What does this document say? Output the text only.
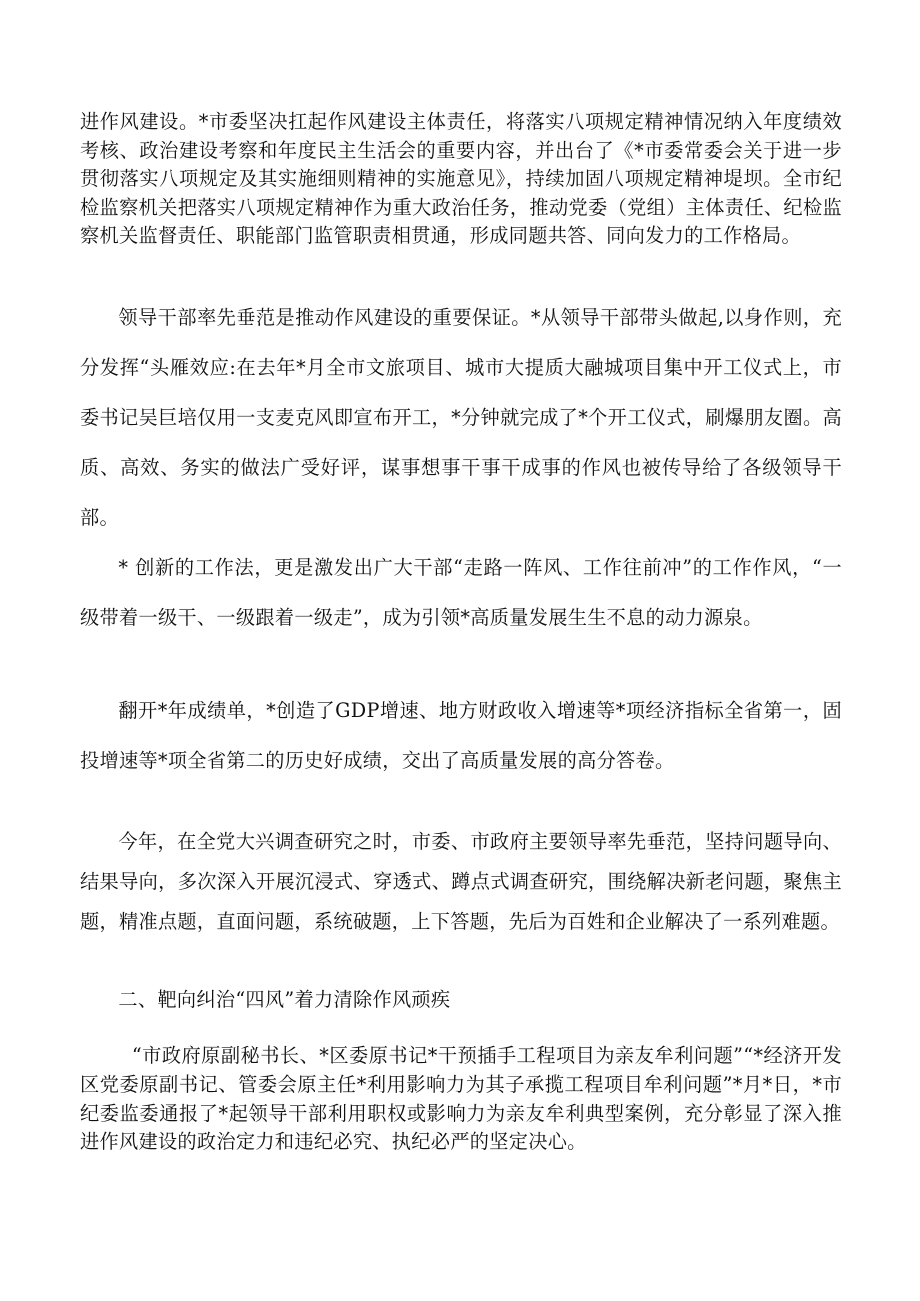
进作风建设。*市委坚决扛起作风建设主体责任，将落实八项规定精神情况纳入年度绩效考核、政治建设考察和年度民主生活会的重要内容，并出台了《*市委常委会关于进一步贯彻落实八项规定及其实施细则精神的实施意见》，持续加固八项规定精神堤坝。全市纪检监察机关把落实八项规定精神作为重大政治任务，推动党委（党组）主体责任、纪检监察机关监督责任、职能部门监管职责相贯通，形成同题共答、同向发力的工作格局。

领导干部率先垂范是推动作风建设的重要保证。*从领导干部带头做起,以身作则，充分发挥“头雁效应:在去年*月全市文旅项目、城市大提质大融城项目集中开工仪式上，市委书记吴巨培仅用一支麦克风即宣布开工，*分钟就完成了*个开工仪式，刷爆朋友圈。高质、高效、务实的做法广受好评，谋事想事干事干成事的作风也被传导给了各级领导干部。

* 创新的工作法，更是激发出广大干部“走路一阵风、工作往前冲”的工作作风，“一级带着一级干、一级跟着一级走”，成为引领*高质量发展生生不息的动力源泉。

翻开*年成绩单，*创造了GDP增速、地方财政收入增速等*项经济指标全省第一，固投增速等*项全省第二的历史好成绩，交出了高质量发展的高分答卷。

今年，在全党大兴调查研究之时，市委、市政府主要领导率先垂范，坚持问题导向、结果导向，多次深入开展沉浸式、穿透式、蹲点式调查研究，围绕解决新老问题，聚焦主题，精准点题，直面问题，系统破题，上下答题，先后为百姓和企业解决了一系列难题。

二、靶向纠治“四风”着力清除作风顽疾

“市政府原副秘书长、*区委原书记*干预插手工程项目为亲友牟利问题”“*经济开发区党委原副书记、管委会原主任*利用影响力为其子承揽工程项目牟利问题”*月*日，*市纪委监委通报了*起领导干部利用职权或影响力为亲友牟利典型案例，充分彰显了深入推进作风建设的政治定力和违纪必究、执纪必严的坚定决心。
